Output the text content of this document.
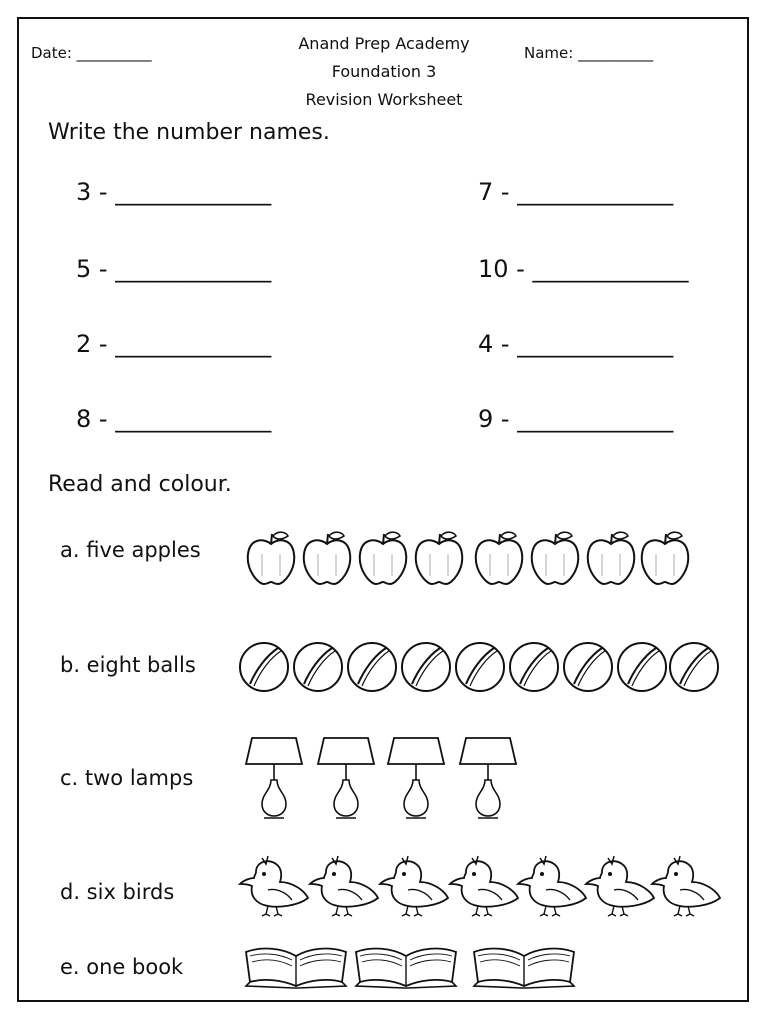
Date: __________	Anand Prep Academy
Foundation 3
Revision Worksheet
Name: __________
Write the number names.
3 - _____________
5 - _____________
2 - _____________
8 - _____________
7 - _____________
10 - _____________
4 - _____________
9 - _____________
Read and colour.
a. five apples
b. eight balls
c. two lamps
d. six birds
e. one book
